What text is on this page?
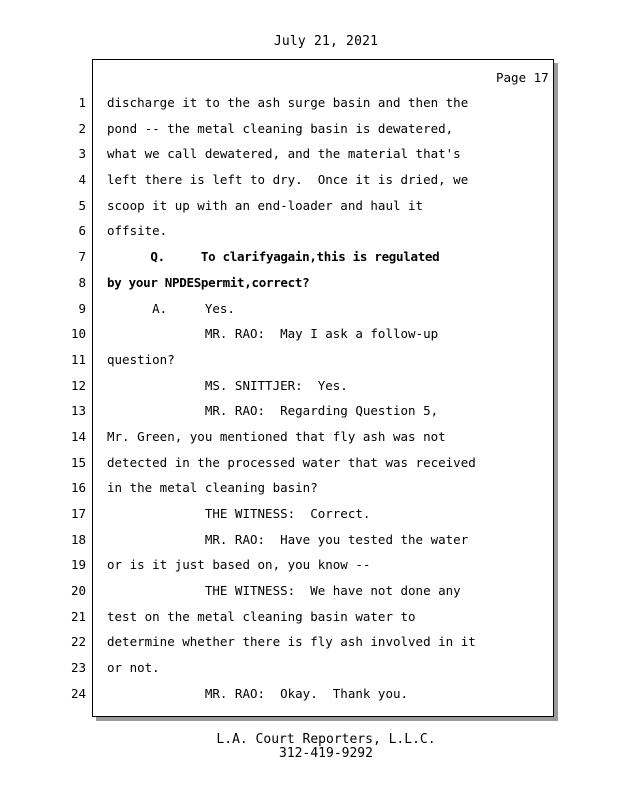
July 21, 2021
Page 17
1
2
3
4
5
6
7
8
9
10
11
12
13
14
15
16
17
18
19
20
21
22
23
24
discharge it to the ash surge basin and then the
pond -- the metal cleaning basin is dewatered,
what we call dewatered, and the material that's
left there is left to dry.  Once it is dried, we
scoop it up with an end-loader and haul it
offsite.
Q.     To clarifyagain,this is regulated
by your NPDESpermit,correct?
A.     Yes.
MR. RAO:  May I ask a follow-up
question?
MS. SNITTJER:  Yes.
MR. RAO:  Regarding Question 5,
Mr. Green, you mentioned that fly ash was not
detected in the processed water that was received
in the metal cleaning basin?
THE WITNESS:  Correct.
MR. RAO:  Have you tested the water
or is it just based on, you know --
THE WITNESS:  We have not done any
test on the metal cleaning basin water to
determine whether there is fly ash involved in it
or not.
MR. RAO:  Okay.  Thank you.
L.A. Court Reporters, L.L.C.
312-419-9292
